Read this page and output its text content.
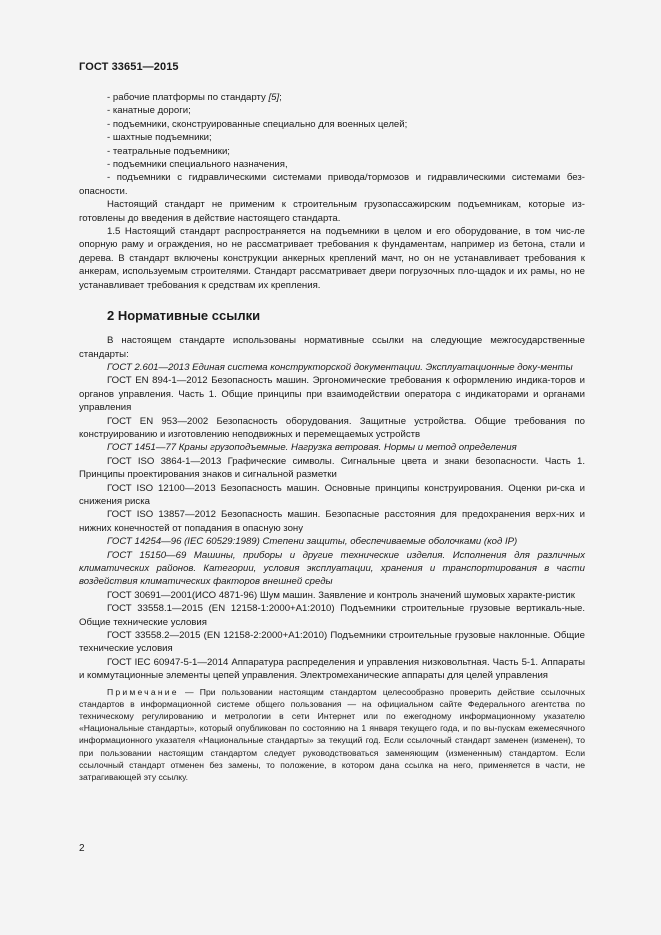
ГОСТ 33651—2015

- рабочие платформы по стандарту [5];

- канатные дороги;

- подъемники, сконструированные специально для военных целей;

- шахтные подъемники;

- театральные подъемники;

- подъемники специального назначения,

- подъемники с гидравлическими системами привода/тормозов и гидравлическими системами без-опасности.

Настоящий стандарт не применим к строительным грузопассажирским подъемникам, которые из-готовлены до введения в действие настоящего стандарта.

1.5 Настоящий стандарт распространяется на подъемники в целом и его оборудование, в том чис-ле опорную раму и ограждения, но не рассматривает требования к фундаментам, например из бетона, стали и дерева. В стандарт включены конструкции анкерных креплений мачт, но он не устанавливает требования к анкерам, используемым строителями. Стандарт рассматривает двери погрузочных пло-щадок и их рамы, но не устанавливает требования к средствам их крепления.

2 Нормативные ссылки

В настоящем стандарте использованы нормативные ссылки на следующие межгосударственные стандарты:

ГОСТ 2.601—2013 Единая система конструкторской документации. Эксплуатационные доку-менты

ГОСТ EN 894-1—2012 Безопасность машин. Эргономические требования к оформлению индика-торов и органов управления. Часть 1. Общие принципы при взаимодействии оператора с индикаторами и органами управления

ГОСТ EN 953—2002 Безопасность оборудования. Защитные устройства. Общие требования по конструированию и изготовлению неподвижных и перемещаемых устройств

ГОСТ 1451—77 Краны грузоподъемные. Нагрузка ветровая. Нормы и метод определения

ГОСТ ISO 3864-1—2013 Графические символы. Сигнальные цвета и знаки безопасности. Часть 1. Принципы проектирования знаков и сигнальной разметки

ГОСТ ISO 12100—2013 Безопасность машин. Основные принципы конструирования. Оценки ри-ска и снижения риска

ГОСТ ISO 13857—2012 Безопасность машин. Безопасные расстояния для предохранения верх-них и нижних конечностей от попадания в опасную зону

ГОСТ 14254—96 (IEC 60529:1989) Степени защиты, обеспечиваемые оболочками (код IP)

ГОСТ 15150—69 Машины, приборы и другие технические изделия. Исполнения для различных климатических районов. Категории, условия эксплуатации, хранения и транспортирования в части воздействия климатических факторов внешней среды

ГОСТ 30691—2001(ИСО 4871-96) Шум машин. Заявление и контроль значений шумовых характе-ристик

ГОСТ 33558.1—2015 (EN 12158-1:2000+A1:2010) Подъемники строительные грузовые вертикаль-ные. Общие технические условия

ГОСТ 33558.2—2015 (EN 12158-2:2000+A1:2010) Подъемники строительные грузовые наклонные. Общие технические условия

ГОСТ IEC 60947-5-1—2014 Аппаратура распределения и управления низковольтная. Часть 5-1. Аппараты и коммутационные элементы цепей управления. Электромеханические аппараты для целей управления

Примечание — При пользовании настоящим стандартом целесообразно проверить действие ссылочных стандартов в информационной системе общего пользования — на официальном сайте Федерального агентства по техническому регулированию и метрологии в сети Интернет или по ежегодному информационному указателю «Национальные стандарты», который опубликован по состоянию на 1 января текущего года, и по вы-пускам ежемесячного информационного указателя «Национальные стандарты» за текущий год. Если ссылочный стандарт заменен (изменен), то при пользовании настоящим стандартом следует руководствоваться заменяющим (измененным) стандартом. Если ссылочный стандарт отменен без замены, то положение, в котором дана ссылка на него, применяется в части, не затрагивающей эту ссылку.

2
